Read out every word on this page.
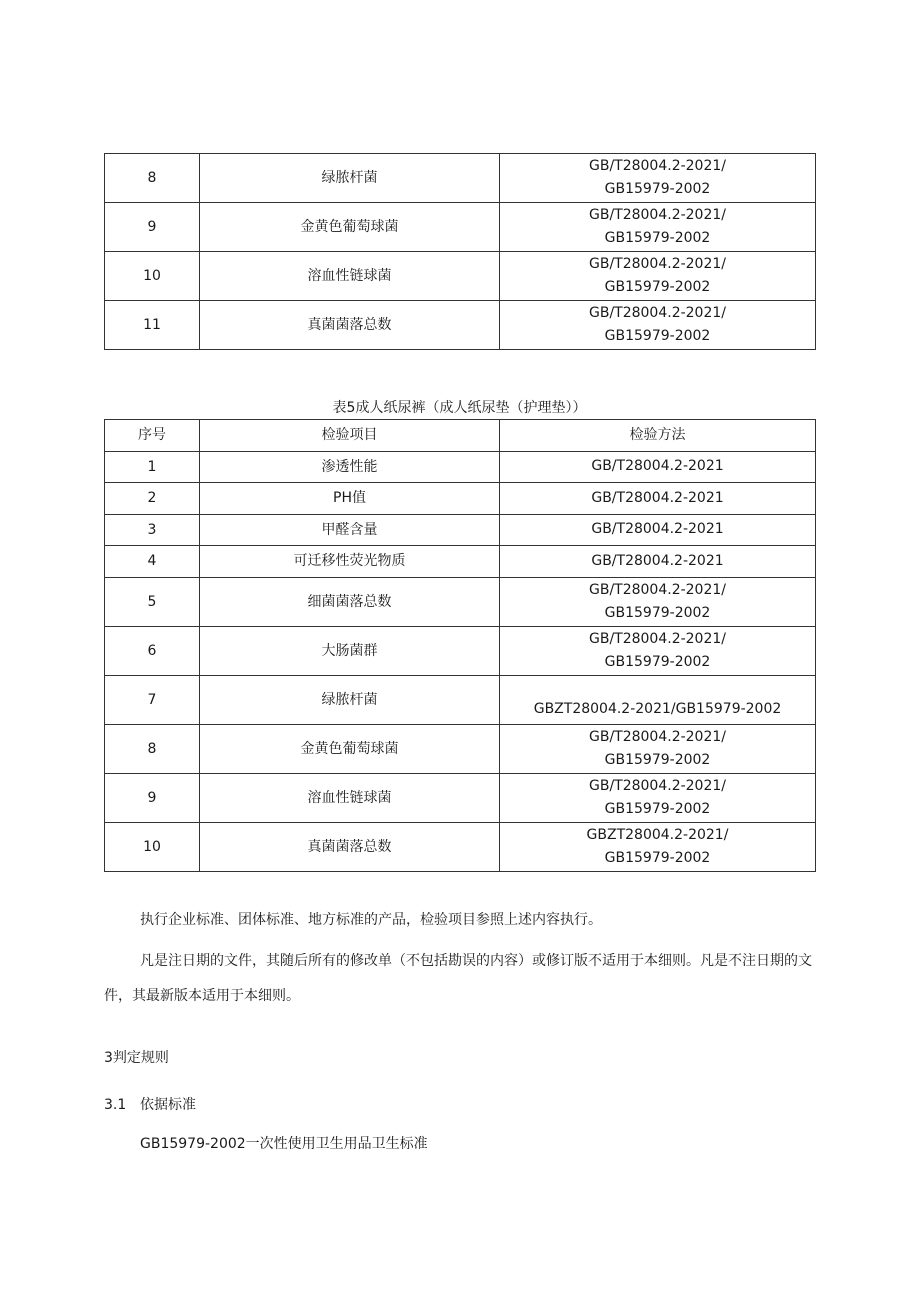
8	绿脓杆菌	GB/T28004.2-2021/
GB15979-2002

9	金黄色葡萄球菌	GB/T28004.2-2021/
GB15979-2002

10	溶血性链球菌	GB/T28004.2-2021/
GB15979-2002

11	真菌菌落总数	GB/T28004.2-2021/
GB15979-2002
表5成人纸尿裤（成人纸尿垫（护理垫））
序号	检验项目	检验方法
1	渗透性能	GB/T28004.2-2021

2	PH值	GB/T28004.2-2021

3	甲醛含量	GB/T28004.2-2021

4	可迁移性荧光物质	GB/T28004.2-2021

5	细菌菌落总数	GB/T28004.2-2021/
GB15979-2002

6	大肠菌群	GB/T28004.2-2021/
GB15979-2002

7	绿脓杆菌	GBZT28004.2-2021/GB15979-2002

8	金黄色葡萄球菌	GB/T28004.2-2021/
GB15979-2002

9	溶血性链球菌	GB/T28004.2-2021/
GB15979-2002

10	真菌菌落总数	GBZT28004.2-2021/
GB15979-2002
执行企业标准、团体标准、地方标准的产品，检验项目参照上述内容执行。
凡是注日期的文件，其随后所有的修改单（不包括勘误的内容）或修订版不适用于本细则。凡是不注日期的文件，其最新版本适用于本细则。
3判定规则
3.1 依据标准
GB15979-2002一次性使用卫生用品卫生标准
